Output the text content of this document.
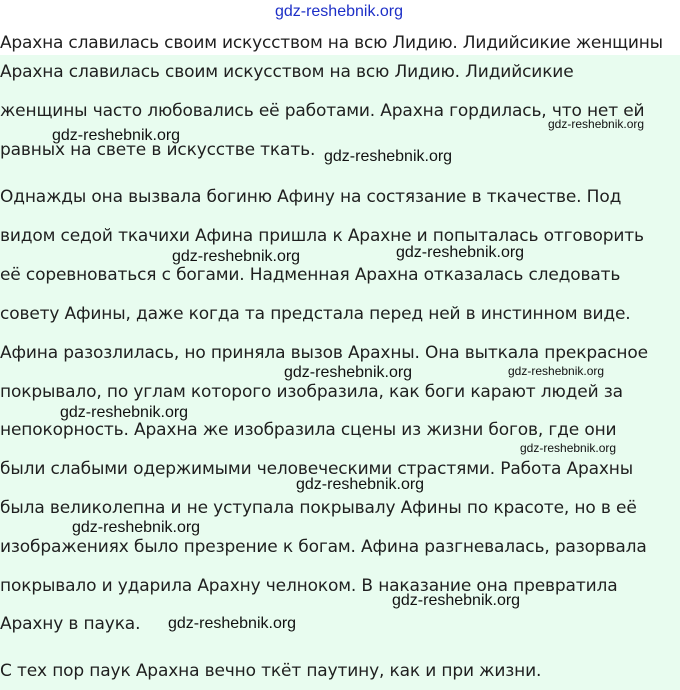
gdz-reshebnik.org
Арахна славилась своим искусством на всю Лидию. Лидийсикие женщины
Арахна славилась своим искусством на всю Лидию. Лидийсикие
женщины часто любовались её работами. Арахна гордилась, что нет ей
равных на свете в искусстве ткать.
Однажды она вызвала богиню Афину на состязание в ткачестве. Под
видом седой ткачихи Афина пришла к Арахне и попыталась отговорить
её соревноваться с богами. Надменная Арахна отказалась следовать
совету Афины, даже когда та предстала перед ней в инстинном виде.
Афина разозлилась, но приняла вызов Арахны. Она выткала прекрасное
покрывало, по углам которого изобразила, как боги карают людей за
непокорность. Арахна же изобразила сцены из жизни богов, где они
были слабыми одержимыми человеческими страстями. Работа Арахны
была великолепна и не уступала покрывалу Афины по красоте, но в её
изображениях было презрение к богам. Афина разгневалась, разорвала
покрывало и ударила Арахну челноком. В наказание она превратила
Арахну в паука.
С тех пор паук Арахна вечно ткёт паутину, как и при жизни.
gdz-reshebnik.org
gdz-reshebnik.org
gdz-reshebnik.org
gdz-reshebnik.org
gdz-reshebnik.org
gdz-reshebnik.org	gdz-reshebnik.org
gdz-reshebnik.org
gdz-reshebnik.org
gdz-reshebnik.org
gdz-reshebnik.org
gdz-reshebnik.org
gdz-reshebnik.org
